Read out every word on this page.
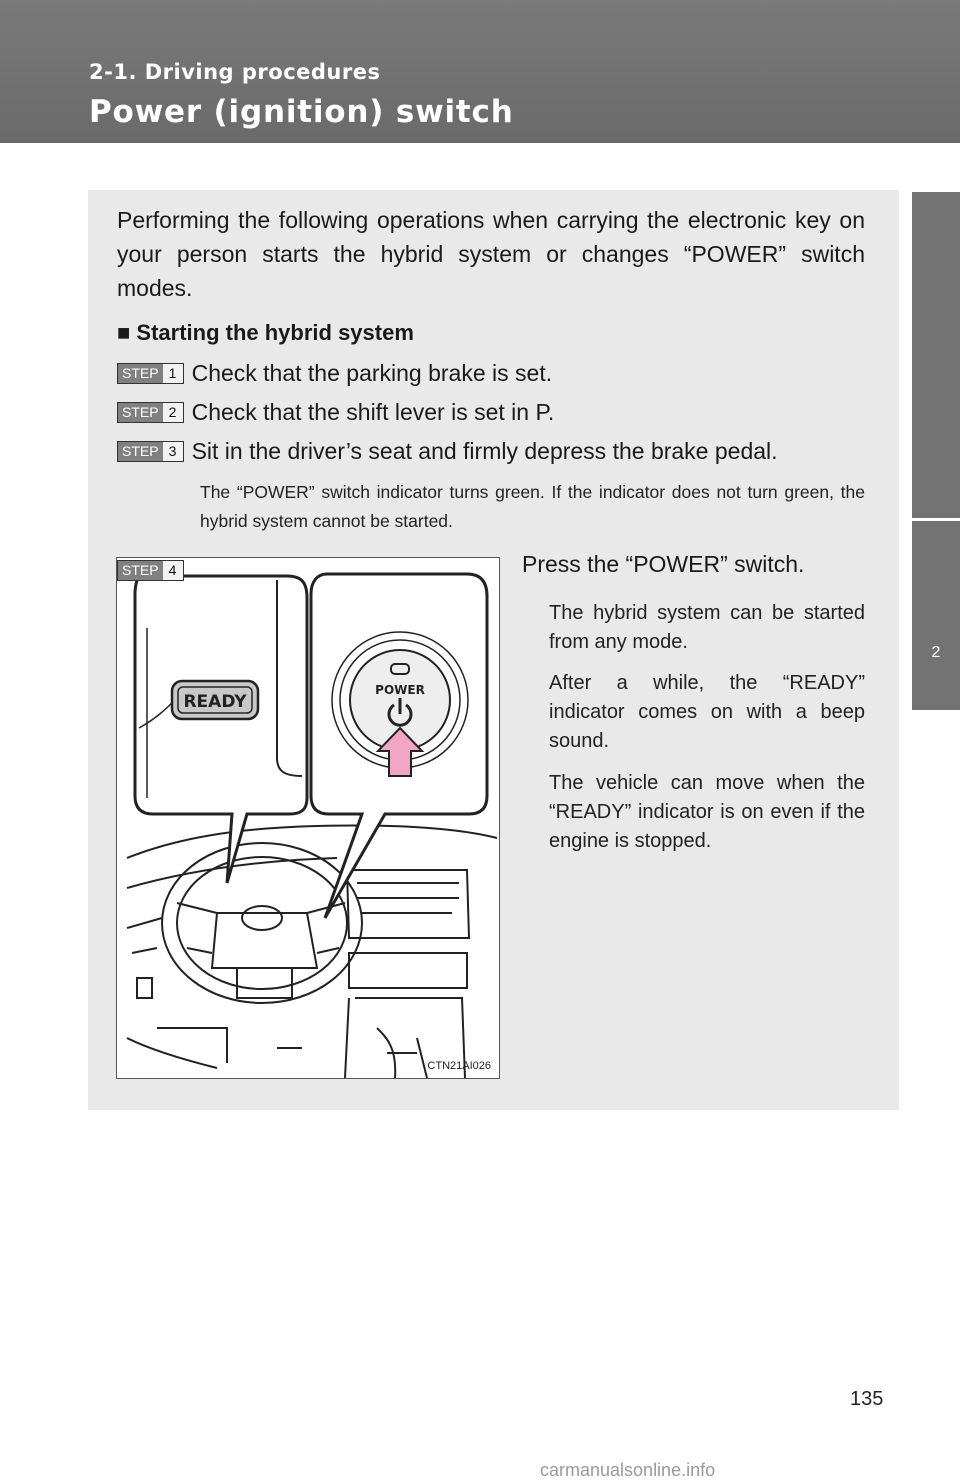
2-1. Driving procedures
Power (ignition) switch
2
When driving
Performing the following operations when carrying the electronic key on your person starts the hybrid system or changes “POWER” switch modes.
■ Starting the hybrid system
STEP 1 Check that the parking brake is set.
STEP 2 Check that the shift lever is set in P.
STEP 3 Sit in the driver’s seat and firmly depress the brake pedal.
The “POWER” switch indicator turns green. If the indicator does not turn green, the hybrid system cannot be started.
READY
POWER
CTN21AI026
STEP 4	Press the “POWER” switch.
The hybrid system can be started from any mode.
After a while, the “READY” indicator comes on with a beep sound.
The vehicle can move when the “READY” indicator is on even if the engine is stopped.
135
carmanualsonline.info
